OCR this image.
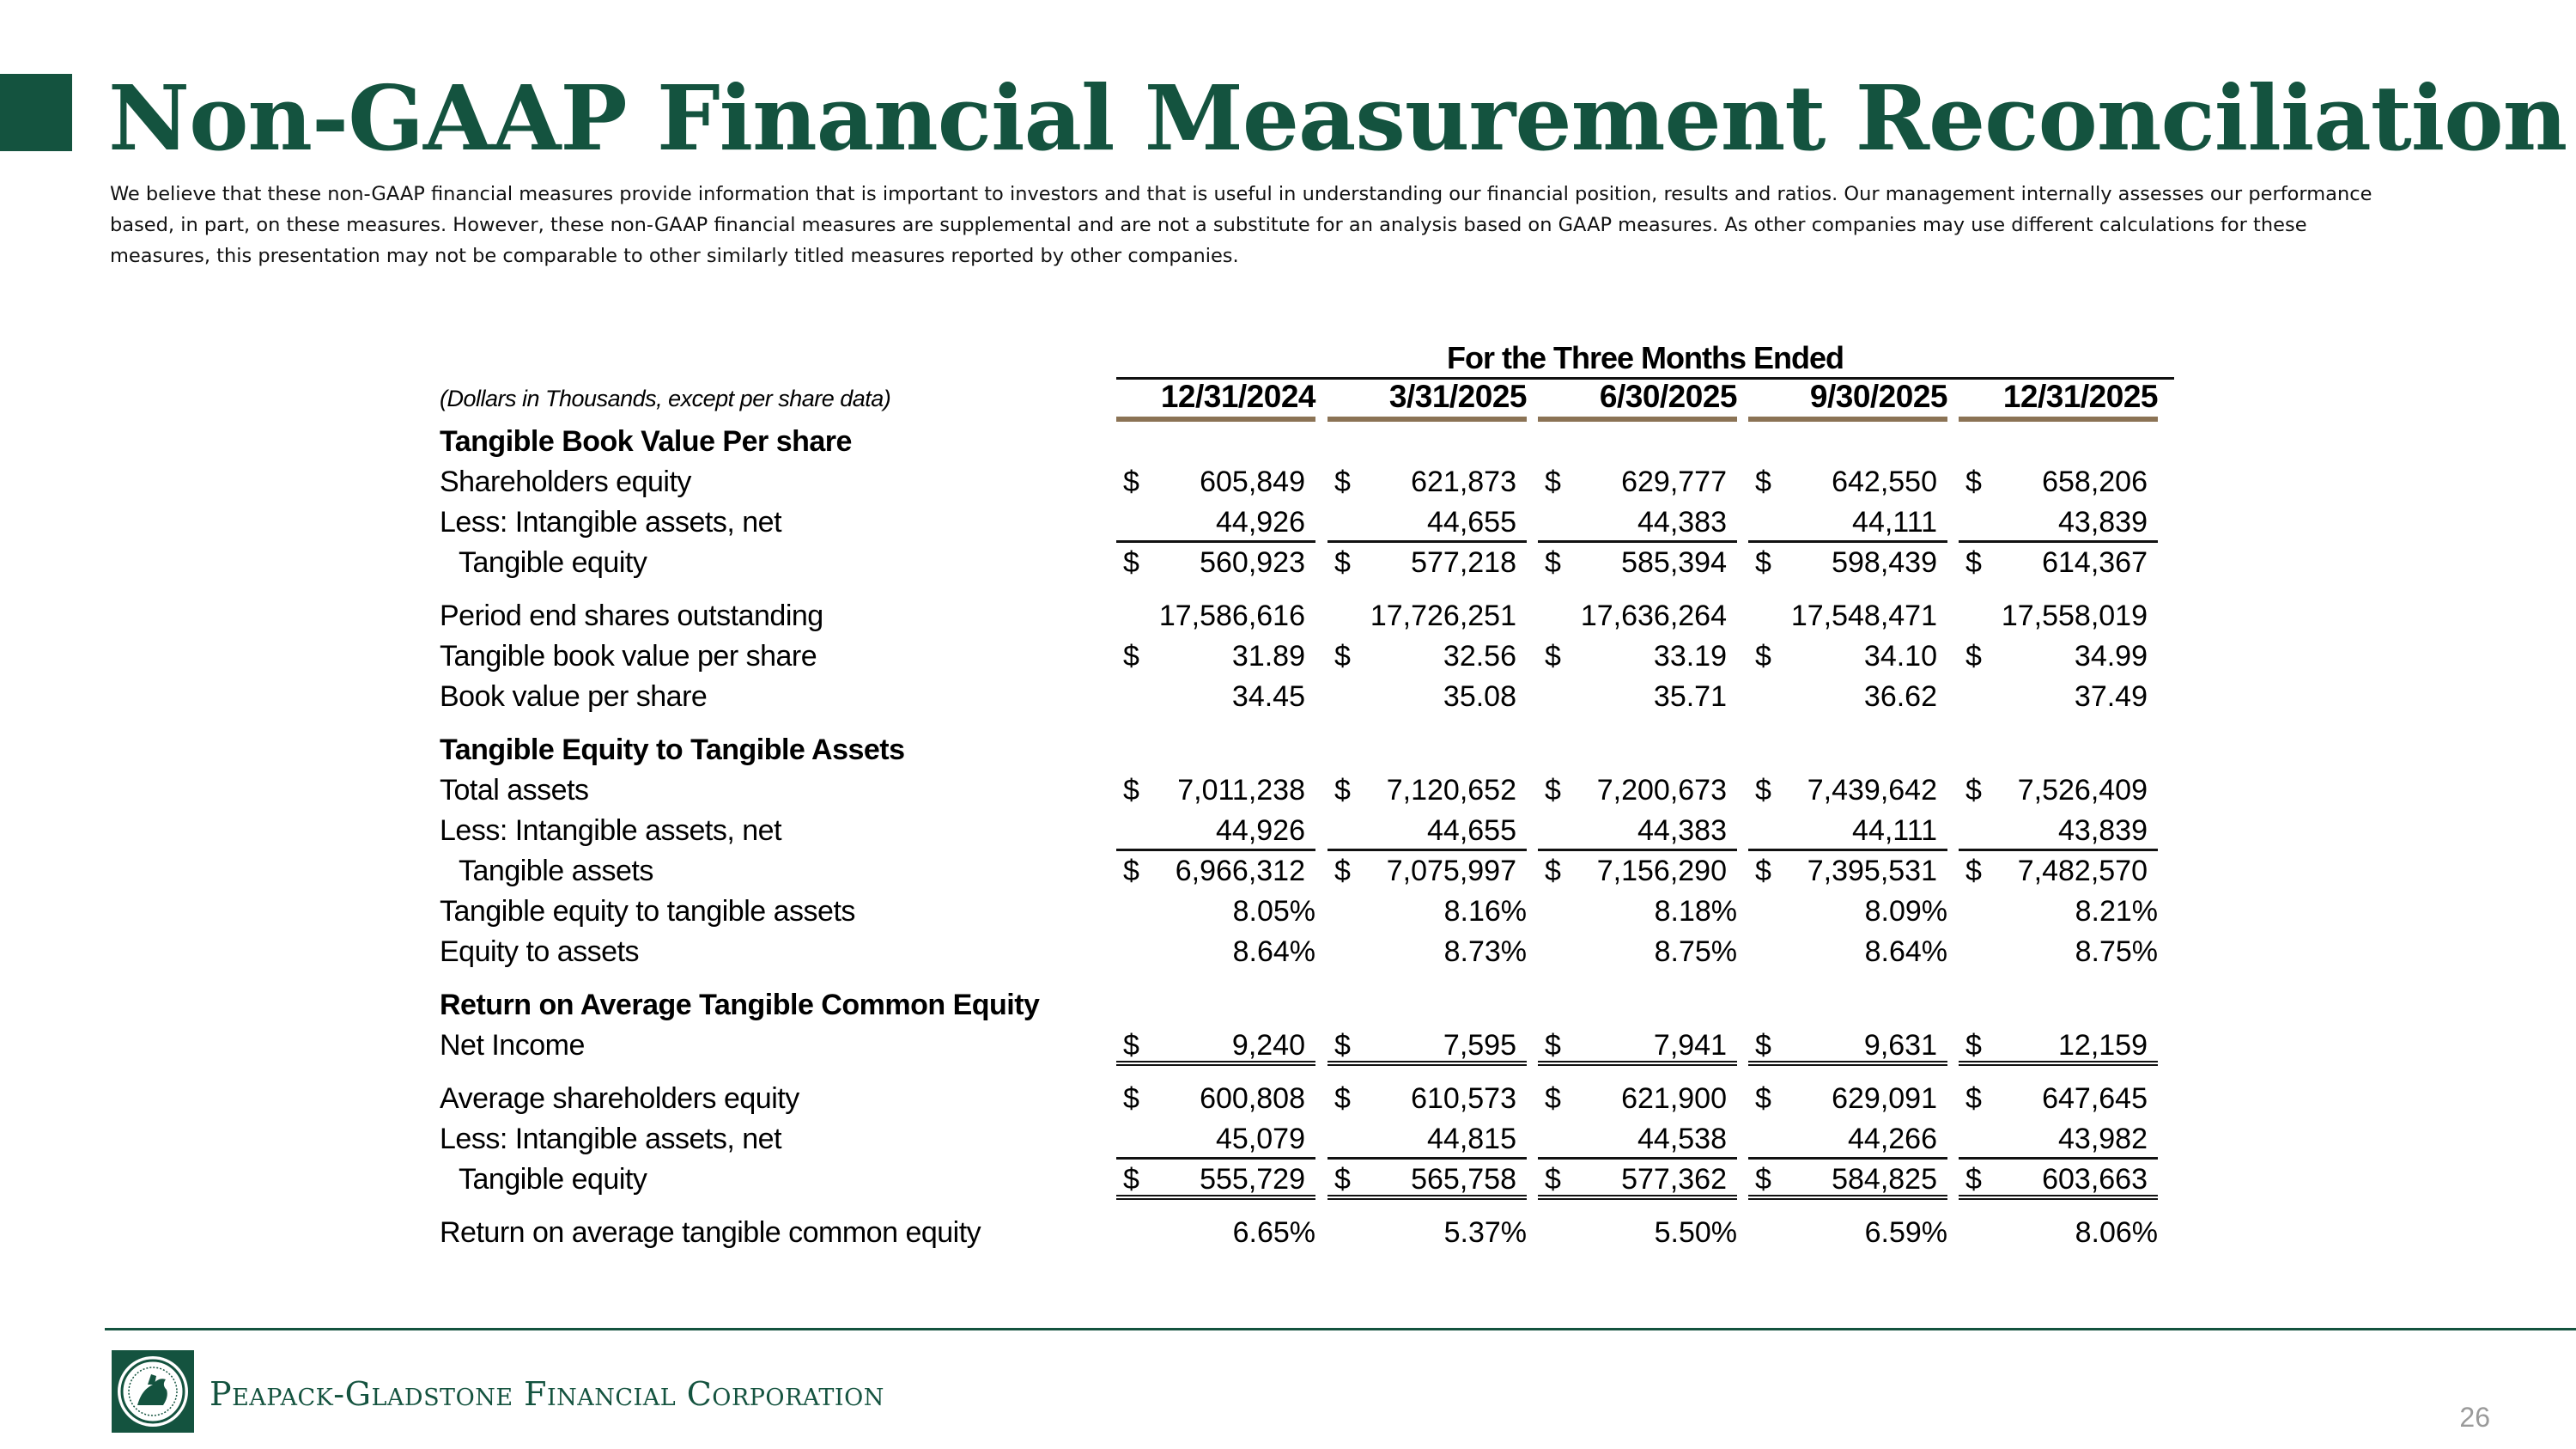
Non-GAAP Financial Measurement Reconciliation

We believe that these non-GAAP financial measures provide information that is important to investors and that is useful in understanding our financial position, results and ratios. Our management internally assesses our performance based, in part, on these measures. However, these non-GAAP financial measures are supplemental and are not a substitute for an analysis based on GAAP measures. As other companies may use different calculations for these measures, this presentation may not be comparable to other similarly titled measures reported by other companies.

For the Three Months Ended
(Dollars in Thousands, except per share data)	12/31/2024	3/31/2025	6/30/2025	9/30/2025	12/31/2025
Tangible Book Value Per share
Shareholders equity	$ 605,849 $ 621,873 $ 629,777 $ 642,550 $ 658,206
Less: Intangible assets, net	44,926	44,655	44,383	44,111	43,839
Tangible equity	$ 560,923 $ 577,218 $ 585,394 $ 598,439 $ 614,367
Period end shares outstanding	17,586,616 17,726,251 17,636,264 17,548,471 17,558,019
Tangible book value per share	$	31.89 $	32.56 $	33.19 $	34.10 $	34.99
Book value per share	34.45	35.08	35.71	36.62	37.49
Tangible Equity to Tangible Assets
Total assets	$ 7,011,238 $ 7,120,652 $ 7,200,673 $ 7,439,642 $ 7,526,409
Less: Intangible assets, net	44,926	44,655	44,383	44,111	43,839
Tangible assets	$ 6,966,312 $ 7,075,997 $ 7,156,290 $ 7,395,531 $ 7,482,570
Tangible equity to tangible assets	8.05%	8.16%	8.18%	8.09%	8.21%
Equity to assets	8.64%	8.73%	8.75%	8.64%	8.75%
Return on Average Tangible Common Equity
Net Income	$	9,240 $	7,595 $	7,941 $	9,631 $	12,159
Average shareholders equity	$ 600,808 $ 610,573 $ 621,900 $ 629,091 $ 647,645
Less: Intangible assets, net	45,079	44,815	44,538	44,266	43,982
Tangible equity	$ 555,729 $ 565,758 $ 577,362 $ 584,825 $ 603,663
Return on average tangible common equity	6.65%	5.37%	5.50%	6.59%	8.06%
Peapack-Gladstone Financial Corporation
26
